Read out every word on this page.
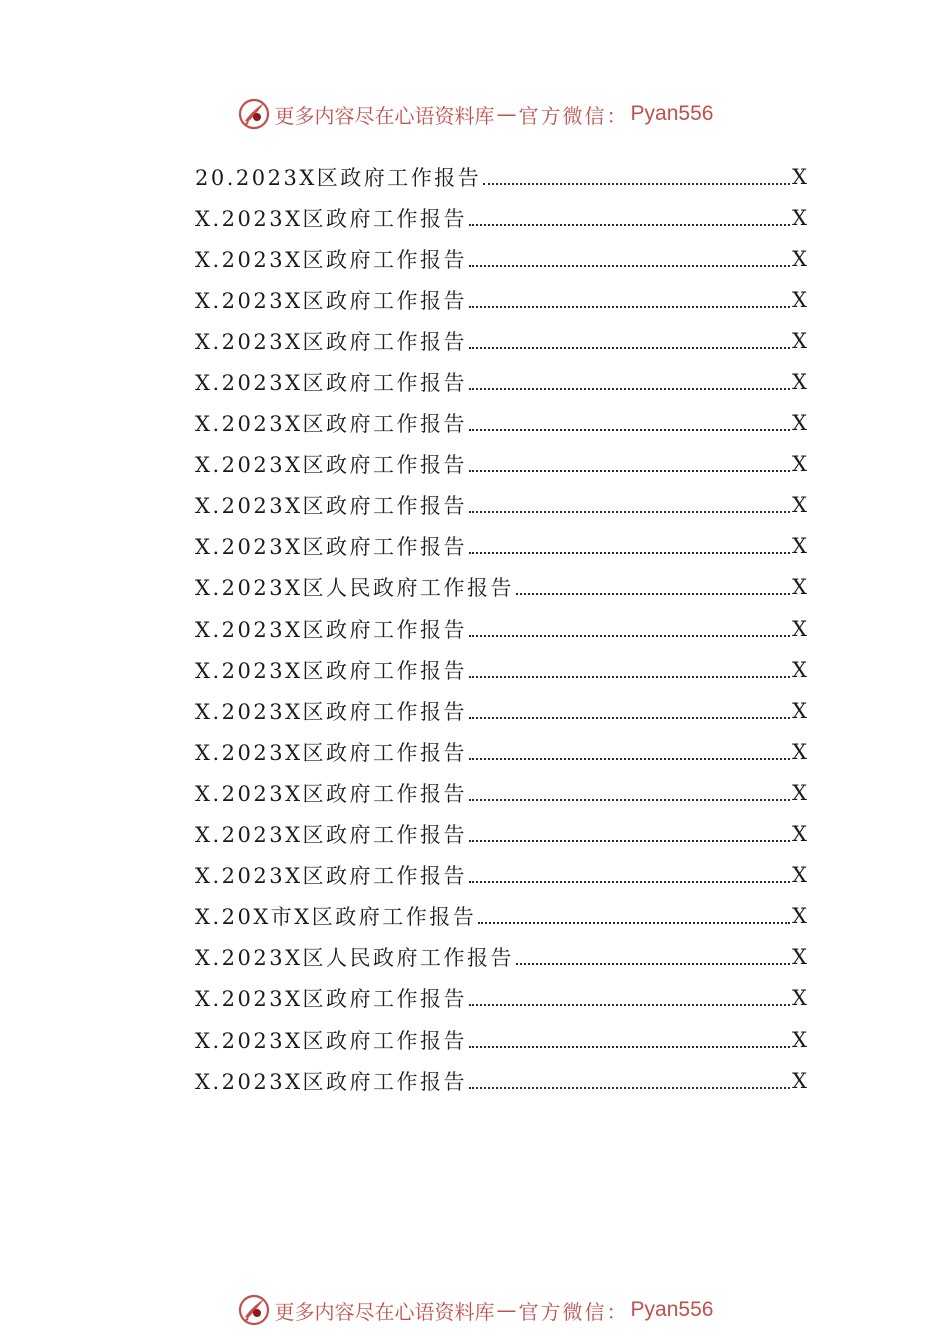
更多内容尽在心语资料库 — 官方微信： Pyan556
20.2023X区政府工作报告	X
X.2023X区政府工作报告	X
X.2023X区政府工作报告	X
X.2023X区政府工作报告	X
X.2023X区政府工作报告	X
X.2023X区政府工作报告	X
X.2023X区政府工作报告	X
X.2023X区政府工作报告	X
X.2023X区政府工作报告	X
X.2023X区政府工作报告	X
X.2023X区人民政府工作报告	X
X.2023X区政府工作报告	X
X.2023X区政府工作报告	X
X.2023X区政府工作报告	X
X.2023X区政府工作报告	X
X.2023X区政府工作报告	X
X.2023X区政府工作报告	X
X.2023X区政府工作报告	X
X.20X市X区政府工作报告	X
X.2023X区人民政府工作报告	X
X.2023X区政府工作报告	X
X.2023X区政府工作报告	X
X.2023X区政府工作报告	X
更多内容尽在心语资料库 — 官方微信： Pyan556
